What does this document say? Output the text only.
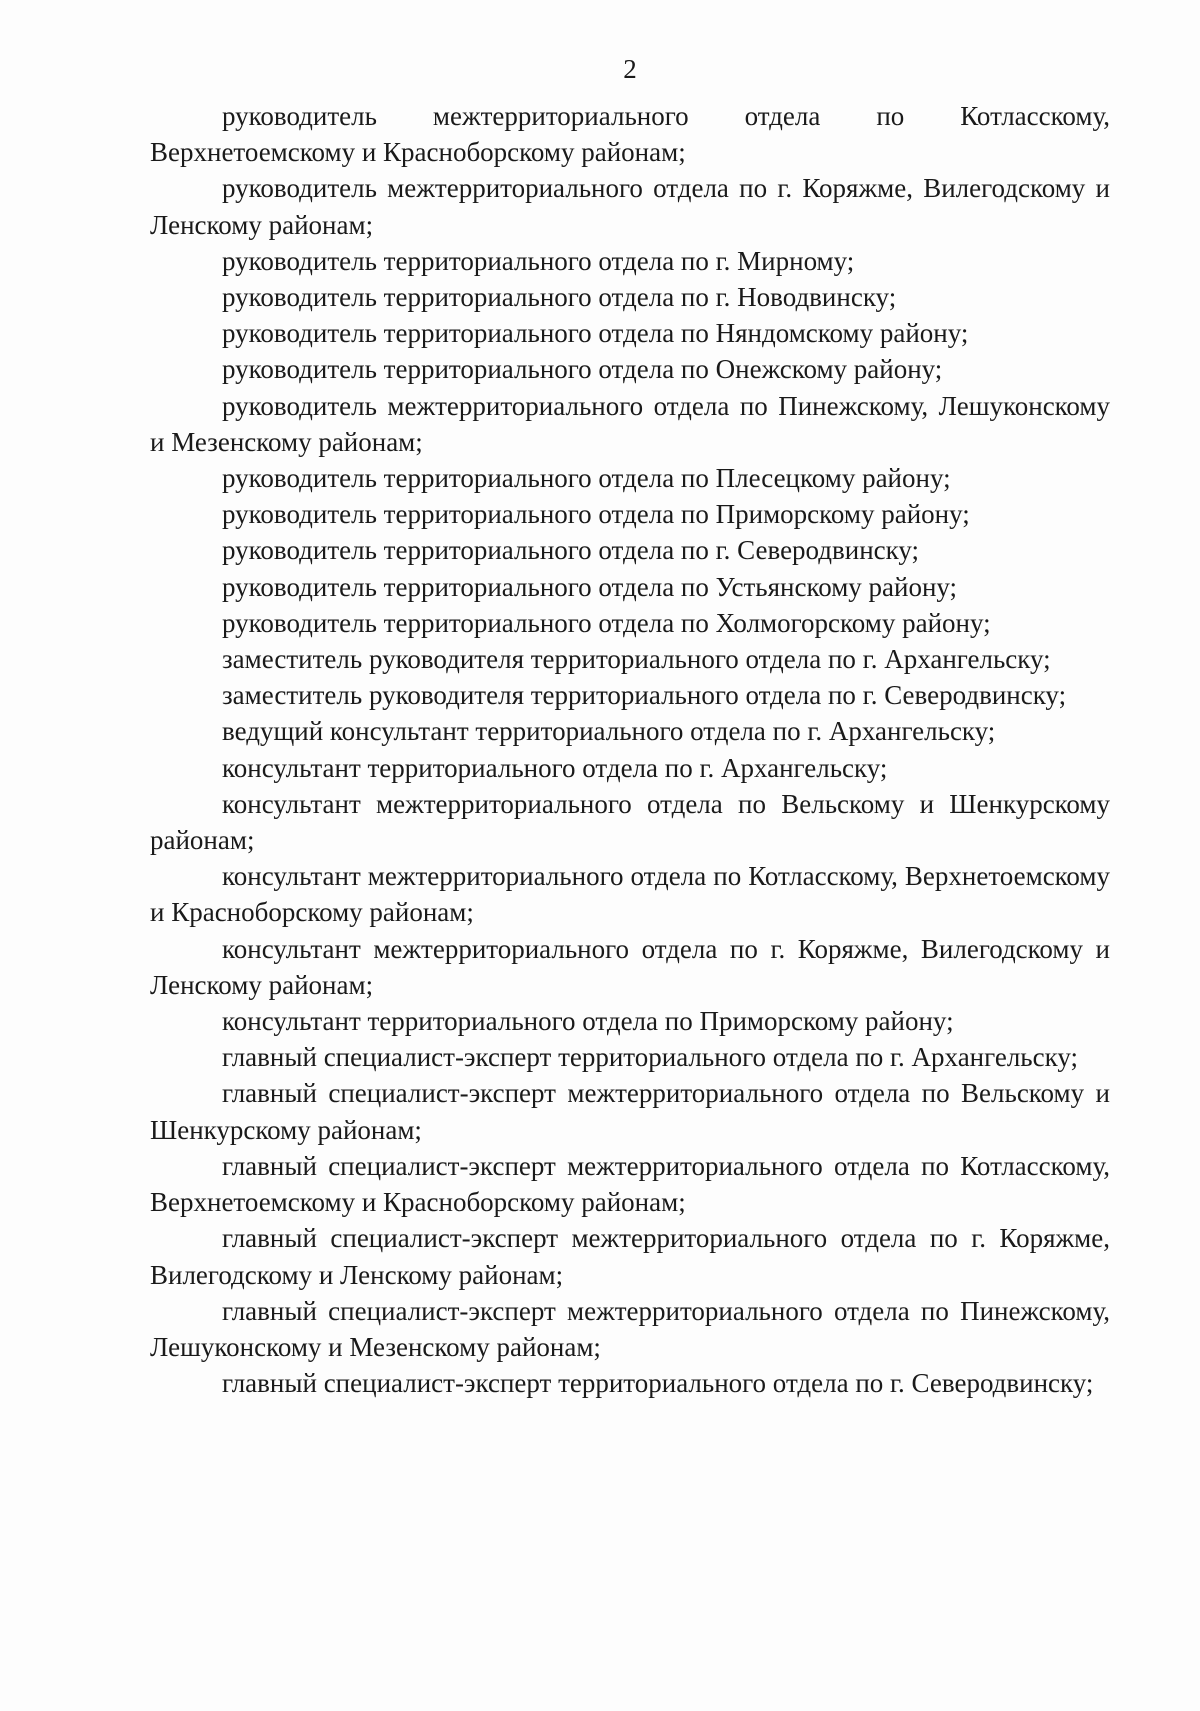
2

руководитель межтерриториального отдела по Котласскому, Верхнетоемскому и Красноборскому районам;

руководитель межтерриториального отдела по г. Коряжме, Вилегодскому и Ленскому районам;

руководитель территориального отдела по г. Мирному;

руководитель территориального отдела по г. Новодвинску;

руководитель территориального отдела по Няндомскому району;

руководитель территориального отдела по Онежскому району;

руководитель межтерриториального отдела по Пинежскому, Лешуконскому и Мезенскому районам;

руководитель территориального отдела по Плесецкому району;

руководитель территориального отдела по Приморскому району;

руководитель территориального отдела по г. Северодвинску;

руководитель территориального отдела по Устьянскому району;

руководитель территориального отдела по Холмогорскому району;

заместитель руководителя территориального отдела по г. Архангельску;

заместитель руководителя территориального отдела по г. Северодвинску;

ведущий консультант территориального отдела по г. Архангельску;

консультант территориального отдела по г. Архангельску;

консультант межтерриториального отдела по Вельскому и Шенкурскому районам;

консультант межтерриториального отдела по Котласскому, Верхнетоемскому и Красноборскому районам;

консультант межтерриториального отдела по г. Коряжме, Вилегодскому и Ленскому районам;

консультант территориального отдела по Приморскому району;

главный специалист-эксперт территориального отдела по г. Архангельску;

главный специалист-эксперт межтерриториального отдела по Вельскому и Шенкурскому районам;

главный специалист-эксперт межтерриториального отдела по Котласскому, Верхнетоемскому и Красноборскому районам;

главный специалист-эксперт межтерриториального отдела по г. Коряжме, Вилегодскому и Ленскому районам;

главный специалист-эксперт межтерриториального отдела по Пинежскому, Лешуконскому и Мезенскому районам;

главный специалист-эксперт территориального отдела по г. Северодвинску;
